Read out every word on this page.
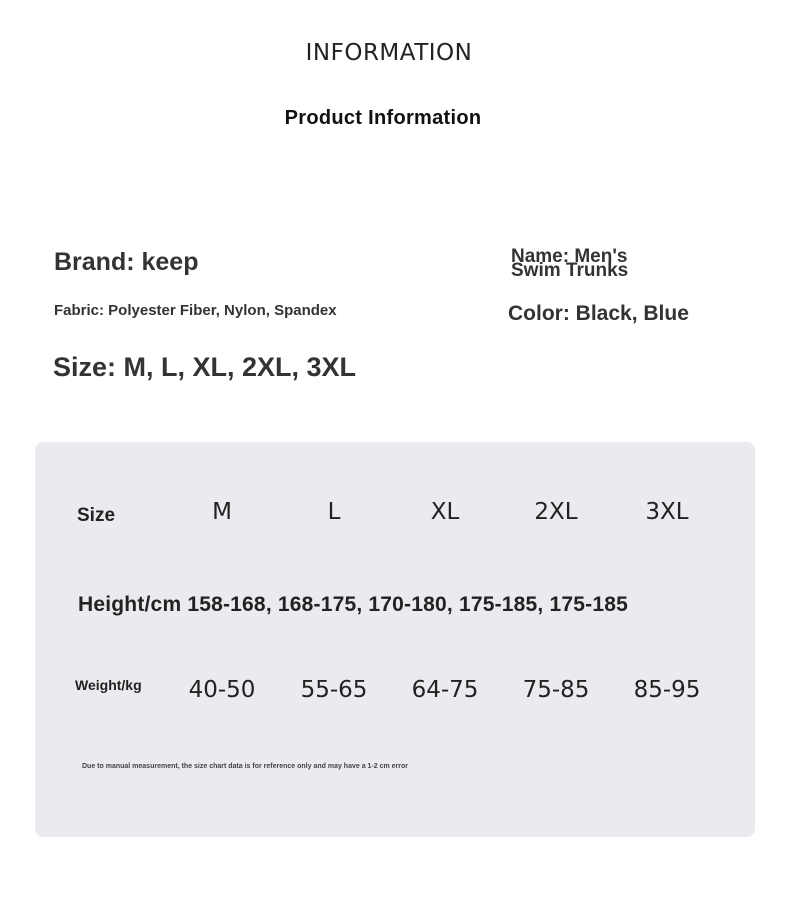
INFORMATION
Product Information
Brand: keep
Fabric: Polyester Fiber, Nylon, Spandex
Size: M, L, XL, 2XL, 3XL
Name: Men's Swim Trunks
Color: Black, Blue
Size	M	L	XL	2XL	3XL
Height/cm 158-168, 168-175, 170-180, 175-185, 175-185
Weight/kg	40-50	55-65	64-75	75-85	85-95
Due to manual measurement, the size chart data is for reference only and may have a 1-2 cm error
